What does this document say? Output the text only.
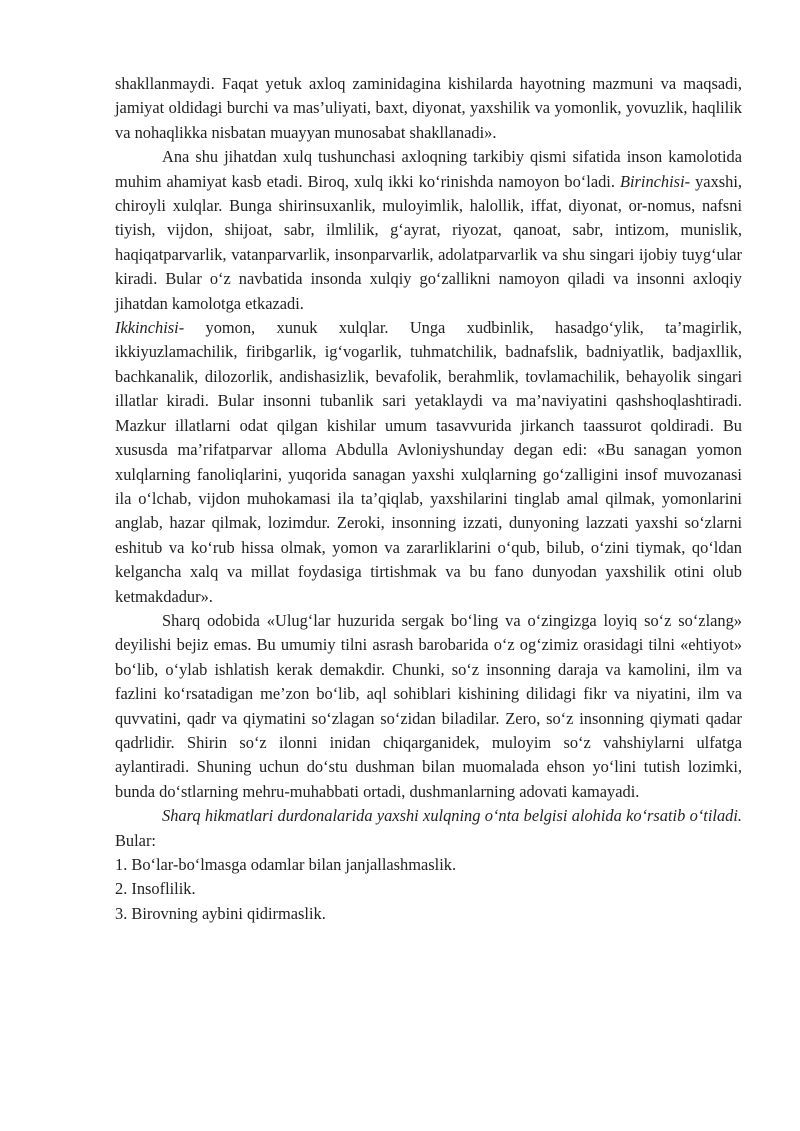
shakllanmaydi. Faqat yetuk axloq zaminidagina kishilarda hayotning mazmuni va maqsadi, jamiyat oldidagi burchi va mas’uliyati, baxt, diyonat, yaxshilik va yomonlik, yovuzlik, haqlilik va nohaqlikka nisbatan muayyan munosabat shakllanadi».

Ana shu jihatdan xulq tushunchasi axloqning tarkibiy qismi sifatida inson kamolotida muhim ahamiyat kasb etadi. Biroq, xulq ikki ko‘rinishda namoyon bo‘ladi. Birinchisi- yaxshi, chiroyli xulqlar. Bunga shirinsuxanlik, muloyimlik, halollik, iffat, diyonat, or-nomus, nafsni tiyish, vijdon, shijoat, sabr, ilmlilik, g‘ayrat, riyozat, qanoat, sabr, intizom, munislik, haqiqatparvarlik, vatanparvarlik, insonparvarlik, adolatparvarlik va shu singari ijobiy tuyg‘ular kiradi. Bular o‘z navbatida insonda xulqiy go‘zallikni namoyon qiladi va insonni axloqiy jihatdan kamolotga etkazadi.

Ikkinchisi- yomon, xunuk xulqlar. Unga xudbinlik, hasadgo‘ylik, ta’magirlik, ikkiyuzlamachilik, firibgarlik, ig‘vogarlik, tuhmatchilik, badnafslik, badniyatlik, badjaxllik, bachkanalik, dilozorlik, andishasizlik, bevafolik, berahmlik, tovlamachilik, behayolik singari illatlar kiradi. Bular insonni tubanlik sari yetaklaydi va ma’naviyatini qashshoqlashtiradi. Mazkur illatlarni odat qilgan kishilar umum tasavvurida jirkanch taassurot qoldiradi. Bu xususda ma’rifatparvar alloma Abdulla Avloniyshunday degan edi: «Bu sanagan yomon xulqlarning fanoliqlarini, yuqorida sanagan yaxshi xulqlarning go‘zalligini insof muvozanasi ila o‘lchab, vijdon muhokamasi ila ta’qiqlab, yaxshilarini tinglab amal qilmak, yomonlarini anglab, hazar qilmak, lozimdur. Zeroki, insonning izzati, dunyoning lazzati yaxshi so‘zlarni eshitub va ko‘rub hissa olmak, yomon va zararliklarini o‘qub, bilub, o‘zini tiymak, qo‘ldan kelgancha xalq va millat foydasiga tirtishmak va bu fano dunyodan yaxshilik otini olub ketmakdadur».

Sharq odobida «Ulug‘lar huzurida sergak bo‘ling va o‘zingizga loyiq so‘z so‘zlang» deyilishi bejiz emas. Bu umumiy tilni asrash barobarida o‘z og‘zimiz orasidagi tilni «ehtiyot» bo‘lib, o‘ylab ishlatish kerak demakdir. Chunki, so‘z insonning daraja va kamolini, ilm va fazlini ko‘rsatadigan me’zon bo‘lib, aql sohiblari kishining dilidagi fikr va niyatini, ilm va quvvatini, qadr va qiymatini so‘zlagan so‘zidan biladilar. Zero, so‘z insonning qiymati qadar qadrlidir. Shirin so‘z ilonni inidan chiqarganidek, muloyim so‘z vahshiylarni ulfatga aylantiradi. Shuning uchun do‘stu dushman bilan muomalada ehson yo‘lini tutish lozimki, bunda do‘stlarning mehru-muhabbati ortadi, dushmanlarning adovati kamayadi.

Sharq hikmatlari durdonalarida yaxshi xulqning o‘nta belgisi alohida ko‘rsatib o‘tiladi. Bular:

1. Bo‘lar-bo‘lmasga odamlar bilan janjallashmaslik.

2. Insoflilik.

3. Birovning aybini qidirmaslik.
